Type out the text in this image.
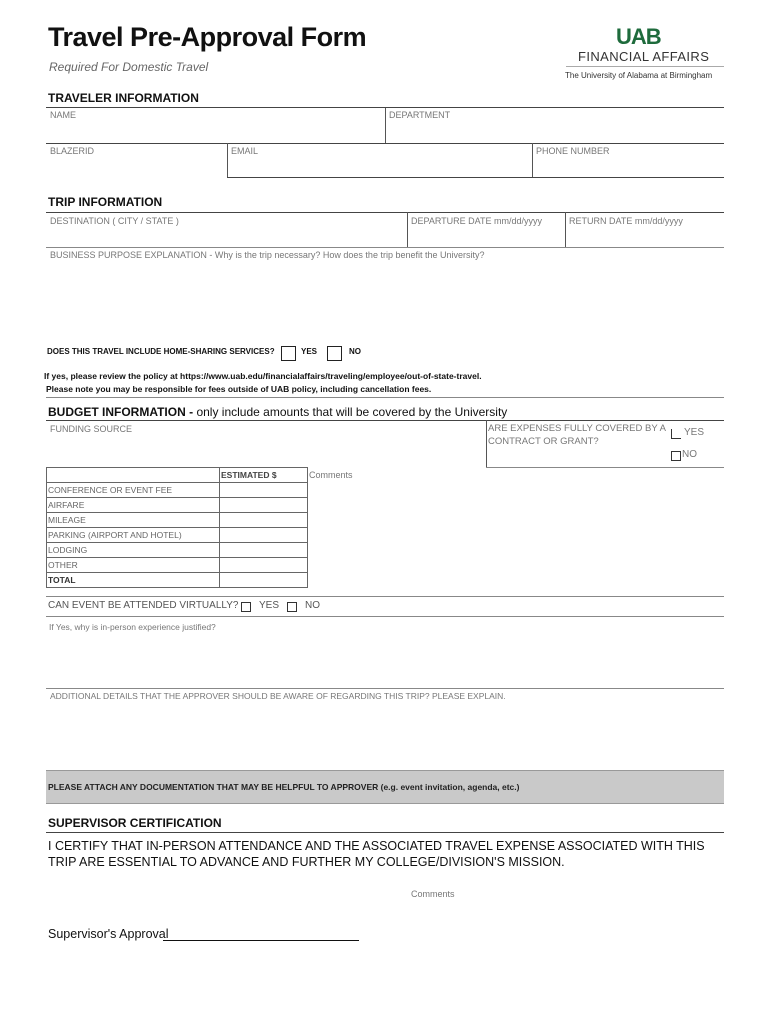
Travel Pre-Approval Form
Required For Domestic Travel
UAB
FINANCIAL AFFAIRS
The University of Alabama at Birmingham
TRAVELER INFORMATION
NAME	DEPARTMENT
BLAZERID	EMAIL	PHONE NUMBER
TRIP INFORMATION
DESTINATION ( CITY / STATE )	DEPARTURE DATE mm/dd/yyyy	RETURN DATE mm/dd/yyyy
BUSINESS PURPOSE EXPLANATION - Why is the trip necessary? How does the trip benefit the University?
DOES THIS TRAVEL INCLUDE HOME-SHARING SERVICES?	YES	NO
If yes, please review the policy at https://www.uab.edu/financialaffairs/traveling/employee/out-of-state-travel.
Please note you may be responsible for fees outside of UAB policy, including cancellation fees.
BUDGET INFORMATION - only include amounts that will be covered by the University
FUNDING SOURCE	ARE EXPENSES FULLY COVERED BY A CONTRACT OR GRANT?
YES
NO
	ESTIMATED $
CONFERENCE OR EVENT FEE	
AIRFARE	
MILEAGE	
PARKING (AIRPORT AND HOTEL)	
LODGING	
OTHER	
TOTAL	
Comments
CAN EVENT BE ATTENDED VIRTUALLY? YES	NO
If Yes, why is in-person experience justified?
ADDITIONAL DETAILS THAT THE APPROVER SHOULD BE AWARE OF REGARDING THIS TRIP? PLEASE EXPLAIN.
PLEASE ATTACH ANY DOCUMENTATION THAT MAY BE HELPFUL TO APPROVER (e.g. event invitation, agenda, etc.)
SUPERVISOR CERTIFICATION
I CERTIFY THAT IN-PERSON ATTENDANCE AND THE ASSOCIATED TRAVEL EXPENSE ASSOCIATED WITH THIS TRIP ARE ESSENTIAL TO ADVANCE AND FURTHER MY COLLEGE/DIVISION'S MISSION.
Comments
Supervisor's Approval
